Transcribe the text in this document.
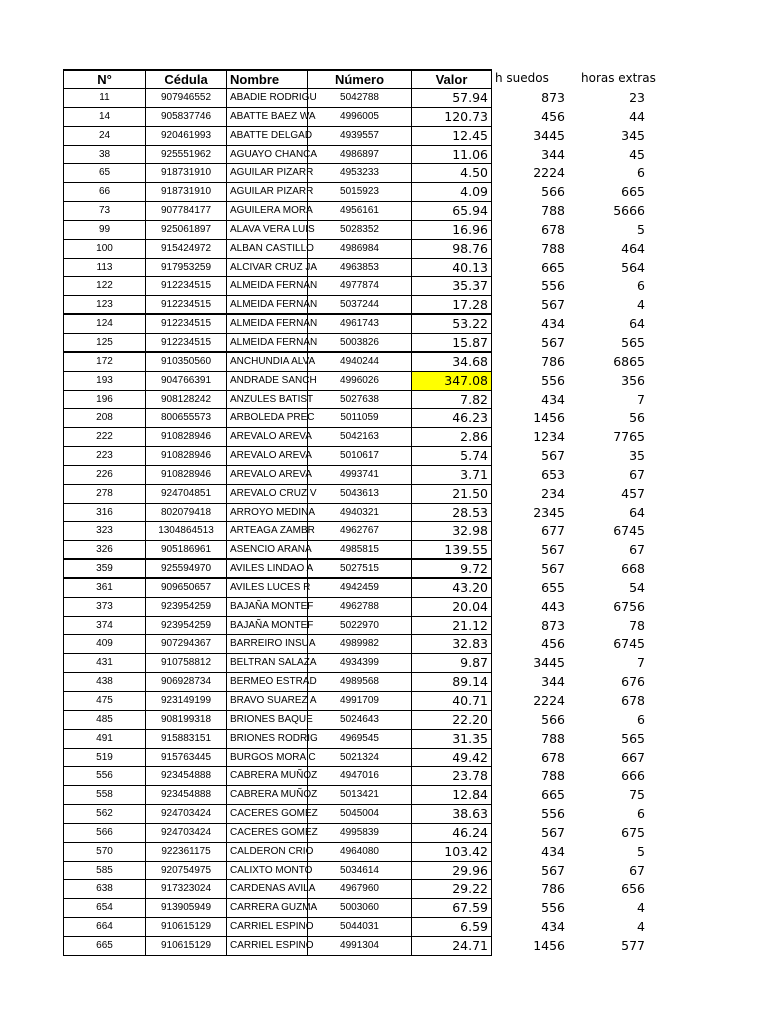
N°	Cédula	Nombre	Número	Valor	h suedos	horas extras
11	907946552	ABADIE RODRIGU	5042788	57.94	873	23
14	905837746	ABATTE BAEZ WA	4996005	120.73	456	44
24	920461993	ABATTE DELGAD	4939557	12.45	3445	345
38	925551962	AGUAYO CHANCA	4986897	11.06	344	45
65	918731910	AGUILAR PIZARR	4953233	4.50	2224	6
66	918731910	AGUILAR PIZARR	5015923	4.09	566	665
73	907784177	AGUILERA MORA	4956161	65.94	788	5666
99	925061897	ALAVA VERA LUIS	5028352	16.96	678	5
100	915424972	ALBAN CASTILLO	4986984	98.76	788	464
113	917953259	ALCIVAR CRUZ JA	4963853	40.13	665	564
122	912234515	ALMEIDA FERNAN	4977874	35.37	556	6
123	912234515	ALMEIDA FERNAN	5037244	17.28	567	4
124	912234515	ALMEIDA FERNAN	4961743	53.22	434	64
125	912234515	ALMEIDA FERNAN	5003826	15.87	567	565
172	910350560	ANCHUNDIA ALVA	4940244	34.68	786	6865
193	904766391	ANDRADE SANCH	4996026	347.08	556	356
196	908128242	ANZULES BATIST	5027638	7.82	434	7
208	800655573	ARBOLEDA PREC	5011059	46.23	1456	56
222	910828946	AREVALO AREVA	5042163	2.86	1234	7765
223	910828946	AREVALO AREVA	5010617	5.74	567	35
226	910828946	AREVALO AREVA	4993741	3.71	653	67
278	924704851	AREVALO CRUZ V	5043613	21.50	234	457
316	802079418	ARROYO MEDINA	4940321	28.53	2345	64
323	1304864513	ARTEAGA ZAMBR	4962767	32.98	677	6745
326	905186961	ASENCIO ARANA	4985815	139.55	567	67
359	925594970	AVILES LINDAO A	5027515	9.72	567	668
361	909650657	AVILES LUCES R	4942459	43.20	655	54
373	923954259	BAJAÑA MONTEF	4962788	20.04	443	6756
374	923954259	BAJAÑA MONTEF	5022970	21.12	873	78
409	907294367	BARREIRO INSUA	4989982	32.83	456	6745
431	910758812	BELTRAN SALAZA	4934399	9.87	3445	7
438	906928734	BERMEO ESTRAD	4989568	89.14	344	676
475	923149199	BRAVO SUAREZ A	4991709	40.71	2224	678
485	908199318	BRIONES BAQUE	5024643	22.20	566	6
491	915883151	BRIONES RODRIG	4969545	31.35	788	565
519	915763445	BURGOS MORA C	5021324	49.42	678	667
556	923454888	CABRERA MUÑOZ	4947016	23.78	788	666
558	923454888	CABRERA MUÑOZ	5013421	12.84	665	75
562	924703424	CACERES GOMEZ	5045004	38.63	556	6
566	924703424	CACERES GOMEZ	4995839	46.24	567	675
570	922361175	CALDERON CRIO	4964080	103.42	434	5
585	920754975	CALIXTO MONTO	5034614	29.96	567	67
638	917323024	CARDENAS AVILA	4967960	29.22	786	656
654	913905949	CARRERA GUZMA	5003060	67.59	556	4
664	910615129	CARRIEL ESPINO	5044031	6.59	434	4
665	910615129	CARRIEL ESPINO	4991304	24.71	1456	577
